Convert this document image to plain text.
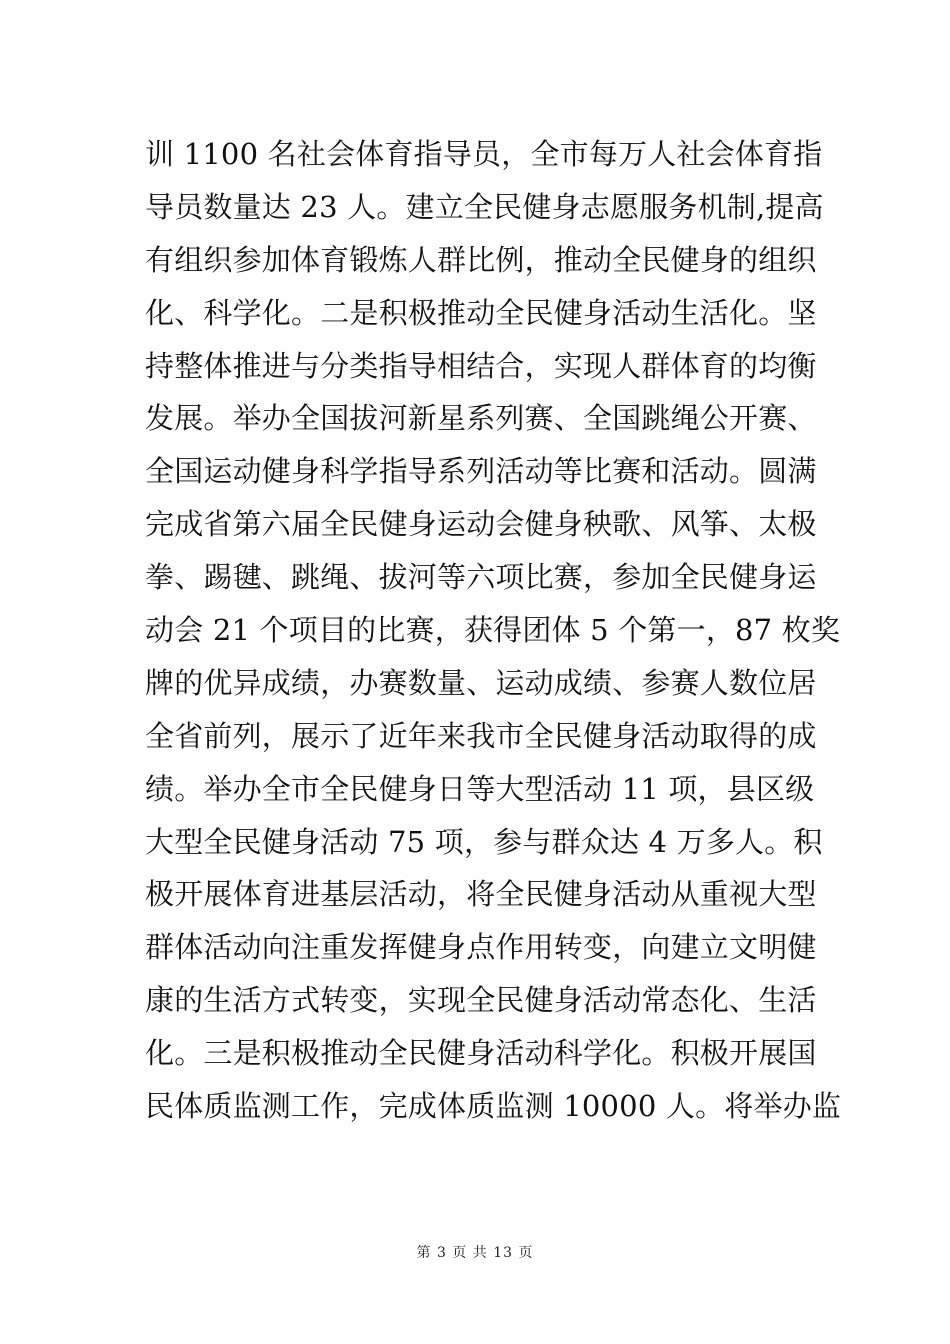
训 1100 名社会体育指导员，全市每万人社会体育指
导员数量达 23 人。建立全民健身志愿服务机制,提高
有组织参加体育锻炼人群比例，推动全民健身的组织
化、科学化。二是积极推动全民健身活动生活化。坚
持整体推进与分类指导相结合，实现人群体育的均衡
发展。举办全国拔河新星系列赛、全国跳绳公开赛、
全国运动健身科学指导系列活动等比赛和活动。圆满
完成省第六届全民健身运动会健身秧歌、风筝、太极
拳、踢毽、跳绳、拔河等六项比赛，参加全民健身运
动会 21 个项目的比赛，获得团体 5 个第一，87 枚奖
牌的优异成绩，办赛数量、运动成绩、参赛人数位居
全省前列，展示了近年来我市全民健身活动取得的成
绩。举办全市全民健身日等大型活动 11 项，县区级
大型全民健身活动 75 项，参与群众达 4 万多人。积
极开展体育进基层活动，将全民健身活动从重视大型
群体活动向注重发挥健身点作用转变，向建立文明健
康的生活方式转变，实现全民健身活动常态化、生活
化。三是积极推动全民健身活动科学化。积极开展国
民体质监测工作，完成体质监测 10000 人。将举办监
第 3 页 共 13 页
